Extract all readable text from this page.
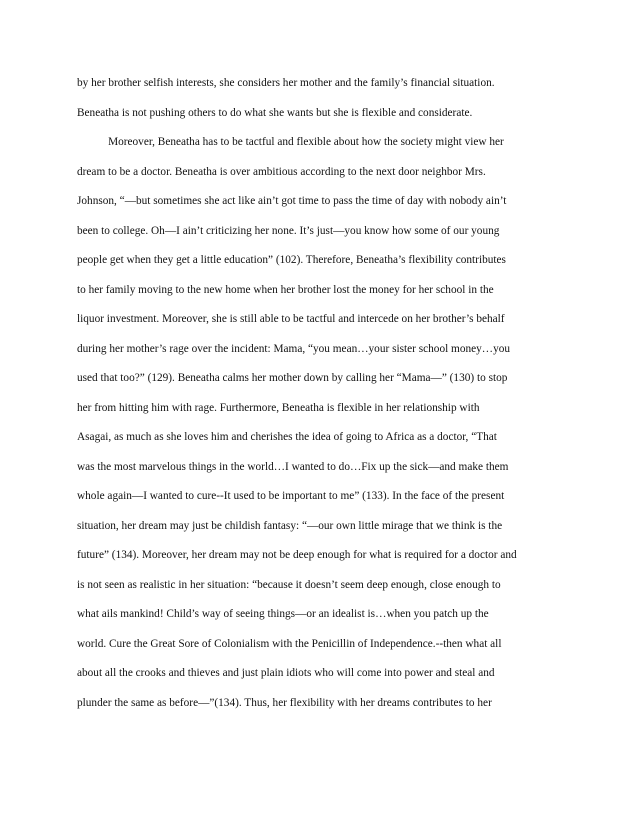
by her brother selfish interests, she considers her mother and the family’s financial situation.
Beneatha is not pushing others to do what she wants but she is flexible and considerate.
Moreover, Beneatha has to be tactful and flexible about how the society might view her
dream to be a doctor. Beneatha is over ambitious according to the next door neighbor Mrs.
Johnson, “—but sometimes she act like ain’t got time to pass the time of day with nobody ain’t
been to college. Oh—I ain’t criticizing her none. It’s just—you know how some of our young
people get when they get a little education” (102). Therefore, Beneatha’s flexibility contributes
to her family moving to the new home when her brother lost the money for her school in the
liquor investment. Moreover, she is still able to be tactful and intercede on her brother’s behalf
during her mother’s rage over the incident: Mama, “you mean…your sister school money…you
used that too?” (129). Beneatha calms her mother down by calling her “Mama—” (130) to stop
her from hitting him with rage. Furthermore, Beneatha is flexible in her relationship with
Asagai, as much as she loves him and cherishes the idea of going to Africa as a doctor, “That
was the most marvelous things in the world…I wanted to do…Fix up the sick—and make them
whole again—I wanted to cure--It used to be important to me” (133). In the face of the present
situation, her dream may just be childish fantasy: “—our own little mirage that we think is the
future” (134). Moreover, her dream may not be deep enough for what is required for a doctor and
is not seen as realistic in her situation: “because it doesn’t seem deep enough, close enough to
what ails mankind! Child’s way of seeing things—or an idealist is…when you patch up the
world. Cure the Great Sore of Colonialism with the Penicillin of Independence.--then what all
about all the crooks and thieves and just plain idiots who will come into power and steal and
plunder the same as before—”(134). Thus, her flexibility with her dreams contributes to her
